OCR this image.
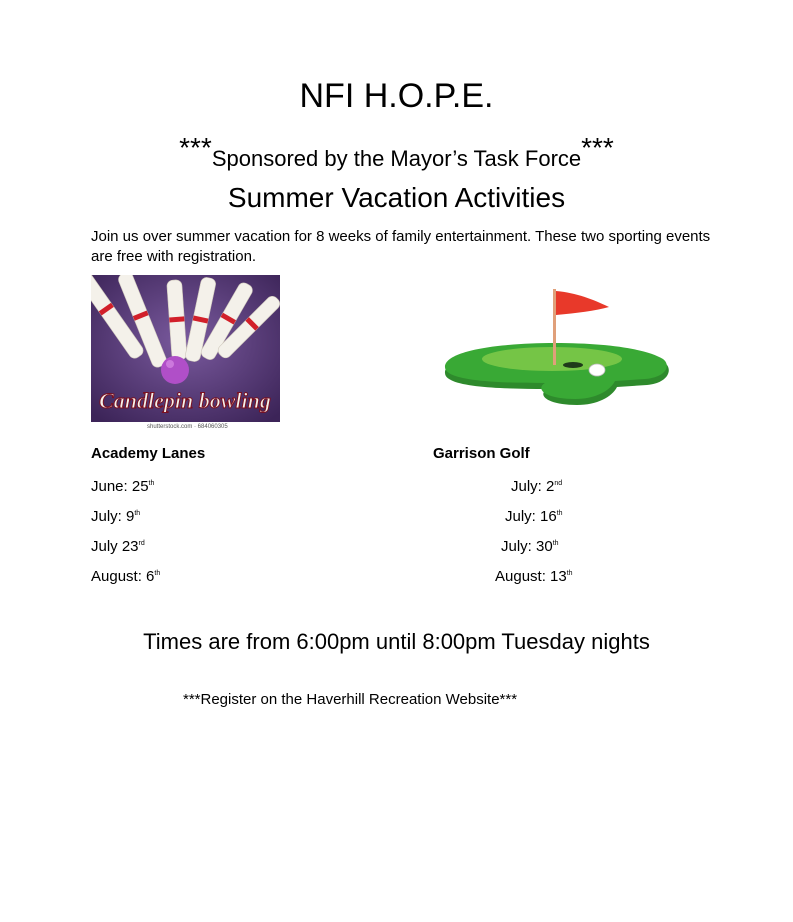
NFI H.O.P.E.
***Sponsored by the Mayor’s Task Force***
Summer Vacation Activities
Join us over summer vacation for 8 weeks of family entertainment. These two sporting events are free with registration.
Candlepin bowling
shutterstock.com · 684060305
Academy Lanes
June: 25th
July: 9th
July 23rd
August: 6th
Garrison Golf
July: 2nd
July: 16th
July: 30th
August: 13th
Times are from 6:00pm until 8:00pm Tuesday nights
***Register on the Haverhill Recreation Website***
